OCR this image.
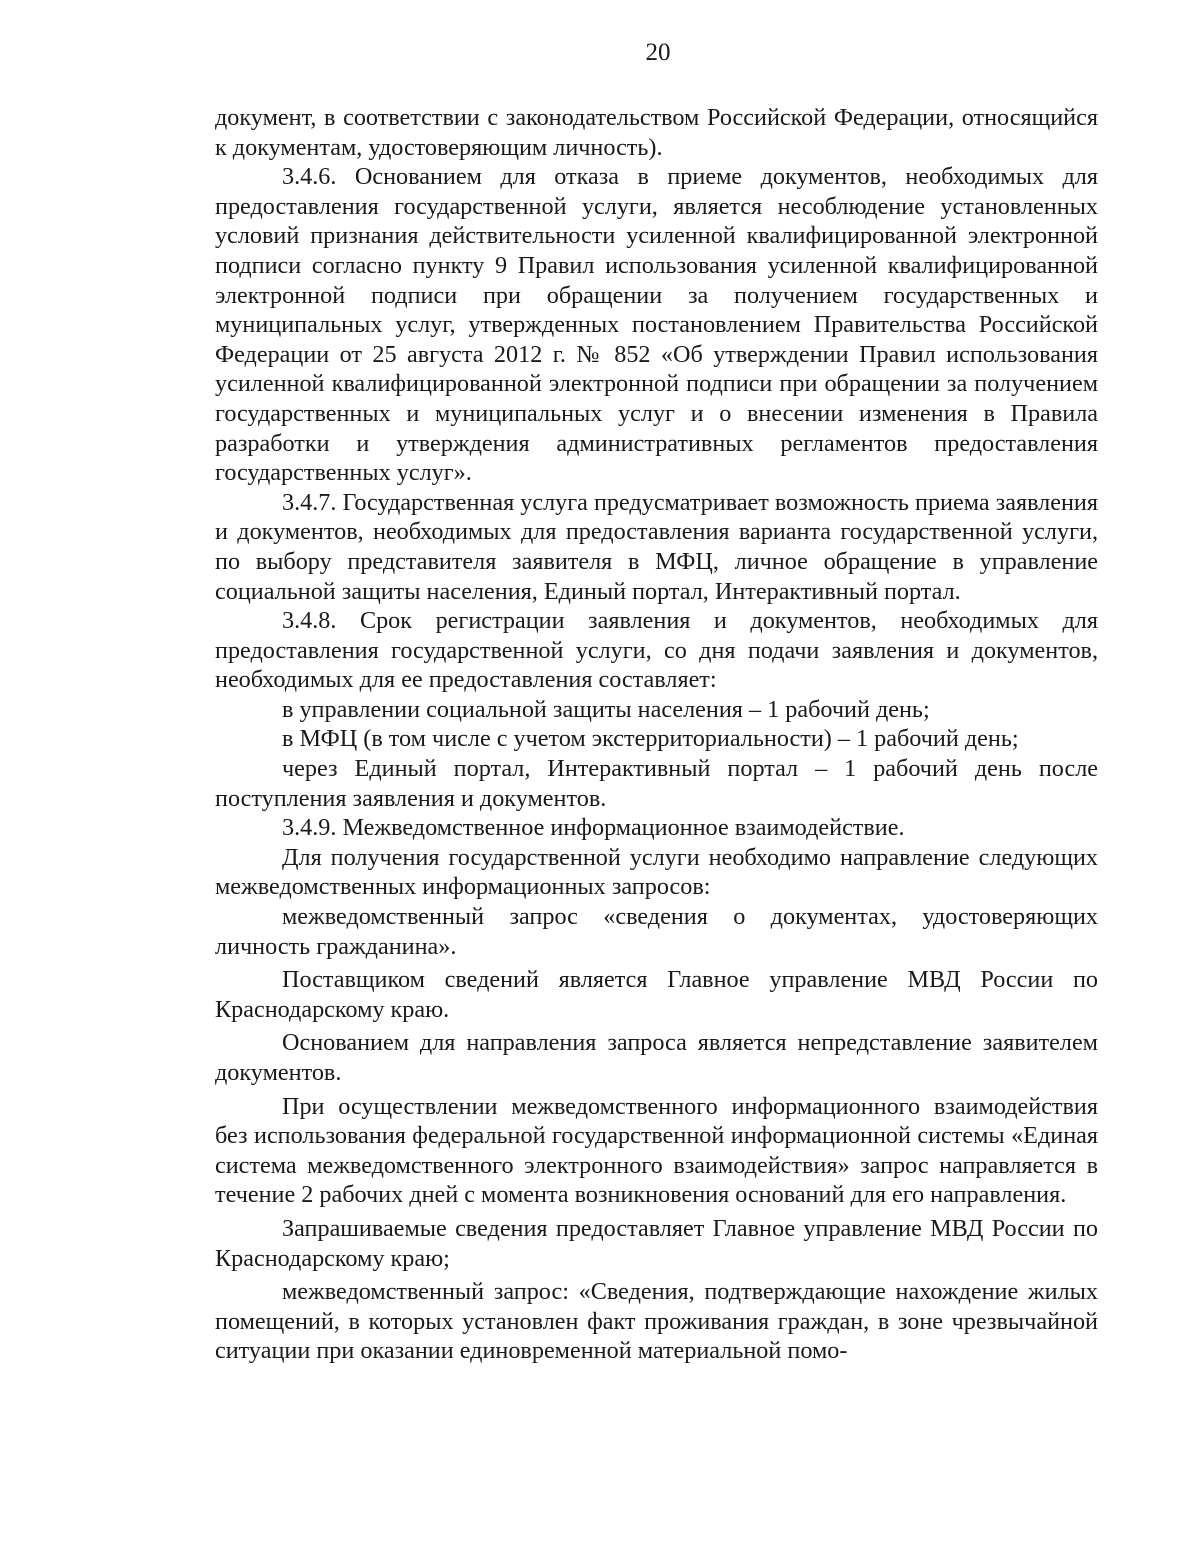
20

документ, в соответствии с законодательством Российской Федерации, относящийся к документам, удостоверяющим личность).

3.4.6. Основанием для отказа в приеме документов, необходимых для предоставления государственной услуги, является несоблюдение установленных условий признания действительности усиленной квалифицированной электронной подписи согласно пункту 9 Правил использования усиленной квалифицированной электронной подписи при обращении за получением государственных и муниципальных услуг, утвержденных постановлением Правительства Российской Федерации от 25 августа 2012 г. № 852 «Об утверждении Правил использования усиленной квалифицированной электронной подписи при обращении за получением государственных и муниципальных услуг и о внесении изменения в Правила разработки и утверждения административных регламентов предоставления государственных услуг».

3.4.7. Государственная услуга предусматривает возможность приема заявления и документов, необходимых для предоставления варианта государственной услуги, по выбору представителя заявителя в МФЦ, личное обращение в управление социальной защиты населения, Единый портал, Интерактивный портал.

3.4.8. Срок регистрации заявления и документов, необходимых для предоставления государственной услуги, со дня подачи заявления и документов, необходимых для ее предоставления составляет:

в управлении социальной защиты населения – 1 рабочий день;

в МФЦ (в том числе с учетом экстерриториальности) – 1 рабочий день;

через Единый портал, Интерактивный портал – 1 рабочий день после поступления заявления и документов.

3.4.9. Межведомственное информационное взаимодействие.

Для получения государственной услуги необходимо направление следующих межведомственных информационных запросов:

межведомственный запрос «сведения о документах, удостоверяющих личность гражданина».

Поставщиком сведений является Главное управление МВД России по Краснодарскому краю.

Основанием для направления запроса является непредставление заявителем документов.

При осуществлении межведомственного информационного взаимодействия без использования федеральной государственной информационной системы «Единая система межведомственного электронного взаимодействия» запрос направляется в течение 2 рабочих дней с момента возникновения оснований для его направления.

Запрашиваемые сведения предоставляет Главное управление МВД России по Краснодарскому краю;

межведомственный запрос: «Сведения, подтверждающие нахождение жилых помещений, в которых установлен факт проживания граждан, в зоне чрезвычайной ситуации при оказании единовременной материальной помо-
